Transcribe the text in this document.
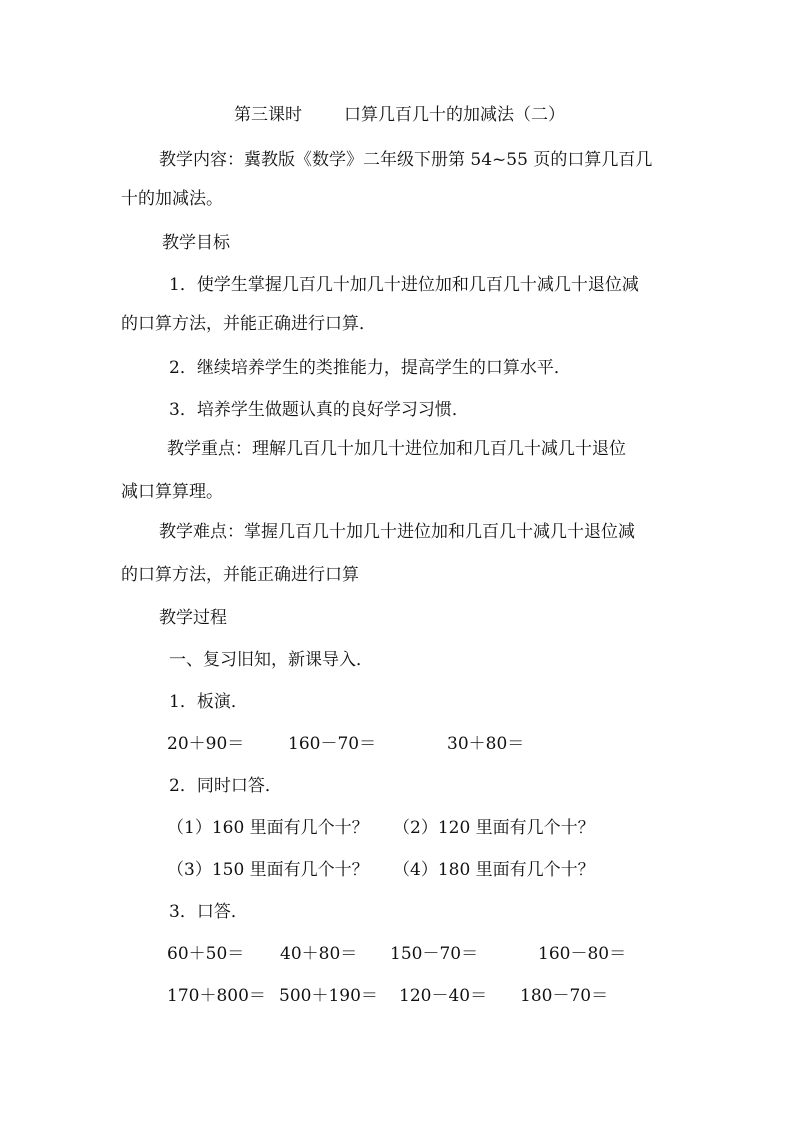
第三课时 口算几百几十的加减法（二）
教学内容：冀教版《数学》二年级下册第 54~55 页的口算几百几
十的加减法。
教学目标
1．使学生掌握几百几十加几十进位加和几百几十减几十退位减
的口算方法，并能正确进行口算．
2．继续培养学生的类推能力，提高学生的口算水平．
3．培养学生做题认真的良好学习习惯．
教学重点：理解几百几十加几十进位加和几百几十减几十退位
减口算算理。
教学难点：掌握几百几十加几十进位加和几百几十减几十退位减
的口算方法，并能正确进行口算
教学过程
一、复习旧知，新课导入．
1．板演．
20＋90＝	160－70＝	30＋80＝
2．同时口答．
（1）160 里面有几个十？	（2）120 里面有几个十？
（3）150 里面有几个十？	（4）180 里面有几个十？
3．口答．
60＋50＝	40＋80＝	150－70＝	160－80＝
170＋800＝ 500＋190＝	120－40＝	180－70＝
